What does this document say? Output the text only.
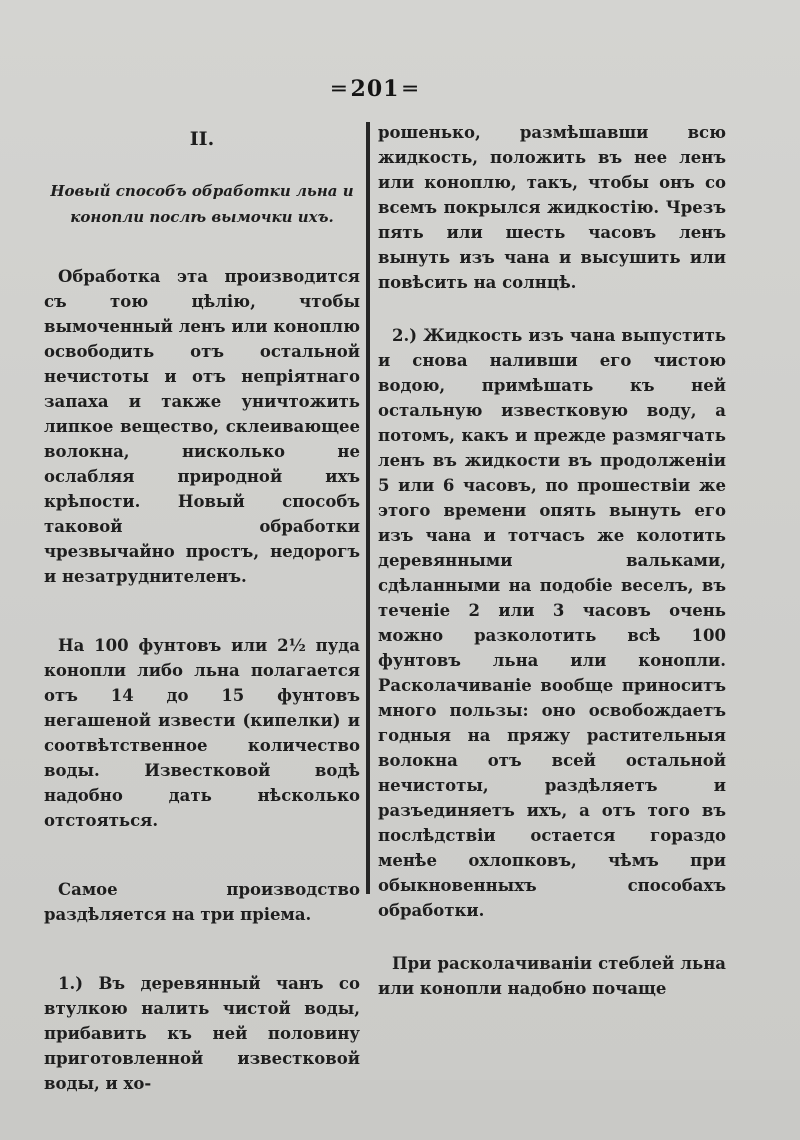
═ 201 ═
II.
Новый способъ обработки льна и конопли послѣ вымочки ихъ.

Обработка эта производится съ тою цѣлію, чтобы вымоченный ленъ или коноплю освободить отъ остальной нечистоты и отъ непріятнаго запаха и также уничтожить липкое вещество, склеивающее волокна, нисколько не ослабляя природной ихъ крѣпости. Новый способъ таковой обработки чрезвычайно простъ, недорогъ и незатруднителенъ.

На 100 фунтовъ или 2½ пуда конопли либо льна полагается отъ 14 до 15 фунтовъ негашеной извести (кипелки) и соотвѣтственное количество воды. Известковой водѣ надобно дать нѣсколько отстояться.

Самое производство раздѣляется на три пріема.

1.) Въ деревянный чанъ со втулкою налить чистой воды, прибавить къ ней половину приготовленной известковой воды, и хо-

рошенько, размѣшавши всю жидкость, положить въ нее ленъ или коноплю, такъ, чтобы онъ со всемъ покрылся жидкостію. Чрезъ пять или шесть часовъ ленъ вынуть изъ чана и высушить или повѣсить на солнцѣ.

2.) Жидкость изъ чана выпустить и снова наливши его чистою водою, примѣшать къ ней остальную известковую воду, а потомъ, какъ и прежде размягчать ленъ въ жидкости въ продолженіи 5 или 6 часовъ, по прошествіи же этого времени опять вынуть его изъ чана и тотчасъ же колотить деревянными вальками, сдѣланными на подобіе веселъ, въ теченіе 2 или 3 часовъ очень можно разколотить всѣ 100 фунтовъ льна или конопли. Расколачиваніе вообще приноситъ много пользы: оно освобождаетъ годныя на пряжу растительныя волокна отъ всей остальной нечистоты, раздѣляетъ и разъединяетъ ихъ, а отъ того въ послѣдствіи остается гораздо менѣе охлопковъ, чѣмъ при обыкновенныхъ способахъ обработки.

При расколачиваніи стеблей льна или конопли надобно почаще
